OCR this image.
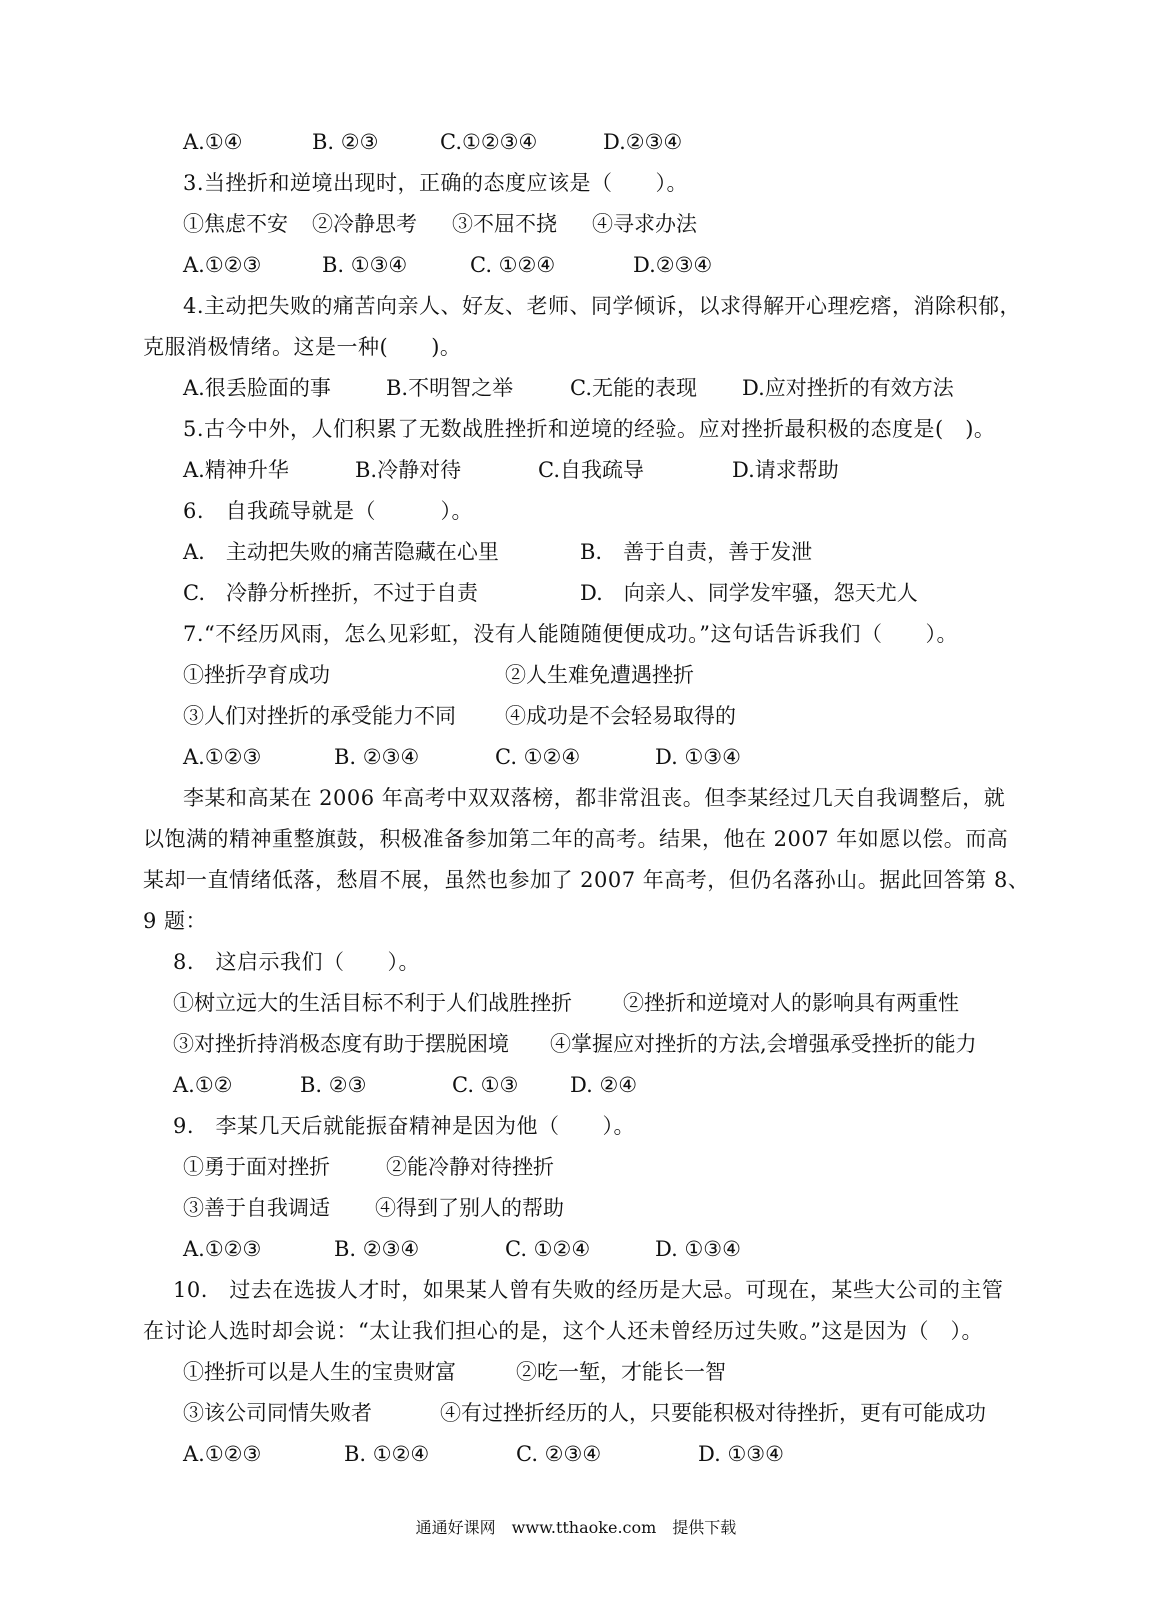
A.①④

	B. ②③

	C.①②③④

	D.②③④

3.当挫折和逆境出现时，正确的态度应该是（　　）。

①焦虑不安

②冷静思考

③不屈不挠

④寻求办法

A.①②③

	B. ①③④

	C. ①②④

	D.②③④

4.主动把失败的痛苦向亲人、好友、老师、同学倾诉，以求得解开心理疙瘩，消除积郁，
克服消极情绪。这是一种(　　)。

A.很丢脸面的事

	B.不明智之举

	C.无能的表现

D.应对挫折的有效方法

5.古今中外，人们积累了无数战胜挫折和逆境的经验。应对挫折最积极的态度是(　)。

A.精神升华

	B.冷静对待

	C.自我疏导

	D.请求帮助

6.　自我疏导就是（　　　）。

A.　主动把失败的痛苦隐藏在心里

	B.　善于自责，善于发泄

C.　冷静分析挫折，不过于自责

	D.　向亲人、同学发牢骚，怨天尤人

7.“不经历风雨，怎么见彩虹，没有人能随随便便成功。”这句话告诉我们（　　）。

①挫折孕育成功

	②人生难免遭遇挫折

③人们对挫折的承受能力不同

④成功是不会轻易取得的

A.①②③

	B. ②③④

	C. ①②④

	D. ①③④

李某和高某在 2006 年高考中双双落榜，都非常沮丧。但李某经过几天自我调整后，就
以饱满的精神重整旗鼓，积极准备参加第二年的高考。结果，他在 2007 年如愿以偿。而高
某却一直情绪低落，愁眉不展，虽然也参加了 2007 年高考，但仍名落孙山。据此回答第 8、
9 题：
8.　这启示我们（　　）。

①树立远大的生活目标不利于人们战胜挫折

②挫折和逆境对人的影响具有两重性

③对挫折持消极态度有助于摆脱困境

④掌握应对挫折的方法,会增强承受挫折的能力

A.①②

	B. ②③

	C. ①③

D. ②④

9.　李某几天后就能振奋精神是因为他（　　）。

①勇于面对挫折

	②能冷静对待挫折

③善于自我调适

④得到了别人的帮助

A.①②③

	B. ②③④

	C. ①②④

	D. ①③④

10.　过去在选拔人才时，如果某人曾有失败的经历是大忌。可现在，某些大公司的主管
在讨论人选时却会说：“太让我们担心的是，这个人还未曾经历过失败。”这是因为（　）。

①挫折可以是人生的宝贵财富

	②吃一堑，才能长一智

③该公司同情失败者

	④有过挫折经历的人，只要能积极对待挫折，更有可能成功

A.①②③

	B. ①②④

	C. ②③④

	D. ①③④

通通好课网　www.tthaoke.com　提供下载
